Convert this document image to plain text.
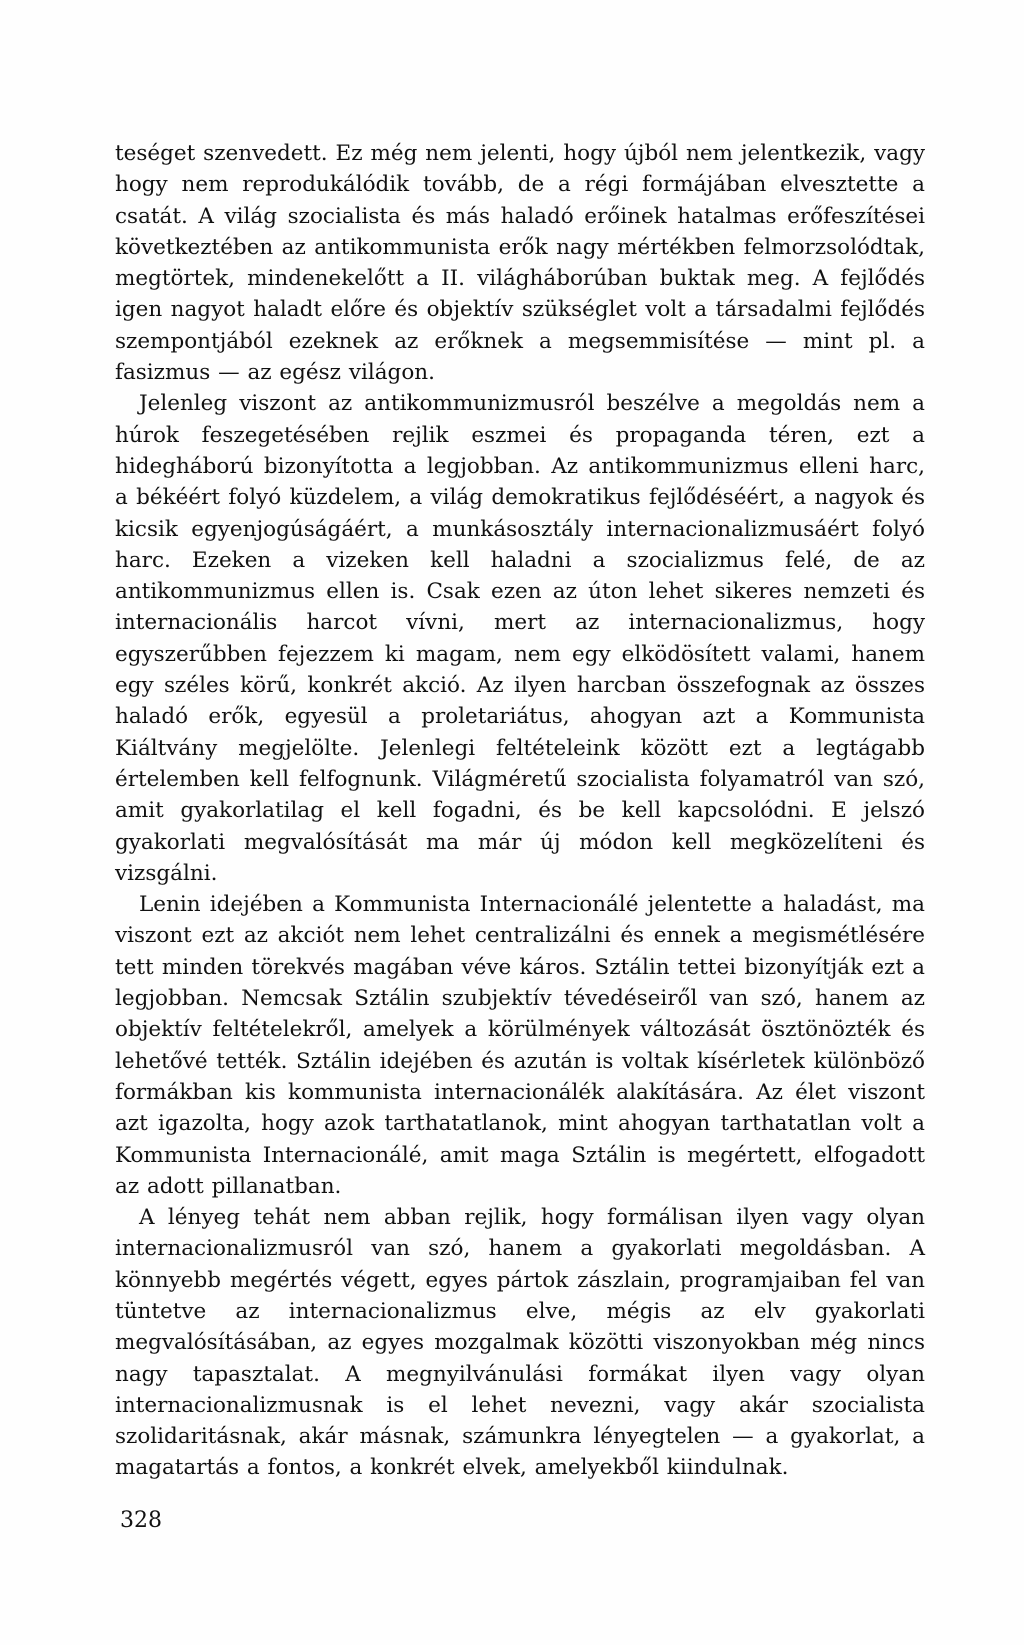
teséget szenvedett. Ez még nem jelenti, hogy újból nem jelentkezik, vagy hogy nem reprodukálódik tovább, de a régi formájában elvesztette a csatát. A világ szocialista és más haladó erőinek hatalmas erőfeszítései következtében az antikommunista erők nagy mértékben felmorzsolódtak, megtörtek, mindenekelőtt a II. világháborúban buktak meg. A fejlődés igen nagyot haladt előre és objektív szükséglet volt a társadalmi fejlődés szempontjából ezeknek az erőknek a megsemmisítése — mint pl. a fasizmus — az egész világon.

Jelenleg viszont az antikommunizmusról beszélve a megoldás nem a húrok feszegetésében rejlik eszmei és propaganda téren, ezt a hidegháború bizonyította a legjobban. Az antikommunizmus elleni harc, a békéért folyó küzdelem, a világ demokratikus fejlődéséért, a nagyok és kicsik egyenjogúságáért, a munkásosztály internacionalizmusáért folyó harc. Ezeken a vizeken kell haladni a szocializmus felé, de az antikommunizmus ellen is. Csak ezen az úton lehet sikeres nemzeti és internacionális harcot vívni, mert az internacionalizmus, hogy egyszerűbben fejezzem ki magam, nem egy elködösített valami, hanem egy széles körű, konkrét akció. Az ilyen harcban összefognak az összes haladó erők, egyesül a proletariátus, ahogyan azt a Kommunista Kiáltvány megjelölte. Jelenlegi feltételeink között ezt a legtágabb értelemben kell felfognunk. Világméretű szocialista folyamatról van szó, amit gyakorlatilag el kell fogadni, és be kell kapcsolódni. E jelszó gyakorlati megvalósítását ma már új módon kell megközelíteni és vizsgálni.

Lenin idejében a Kommunista Internacionálé jelentette a haladást, ma viszont ezt az akciót nem lehet centralizálni és ennek a megismétlésére tett minden törekvés magában véve káros. Sztálin tettei bizonyítják ezt a legjobban. Nemcsak Sztálin szubjektív tévedéseiről van szó, hanem az objektív feltételekről, amelyek a körülmények változását ösztönözték és lehetővé tették. Sztálin idejében és azután is voltak kísérletek különböző formákban kis kommunista internacionálék alakítására. Az élet viszont azt igazolta, hogy azok tarthatatlanok, mint ahogyan tarthatatlan volt a Kommunista Internacionálé, amit maga Sztálin is megértett, elfogadott az adott pillanatban.

A lényeg tehát nem abban rejlik, hogy formálisan ilyen vagy olyan internacionalizmusról van szó, hanem a gyakorlati megoldásban. A könnyebb megértés végett, egyes pártok zászlain, programjaiban fel van tüntetve az internacionalizmus elve, mégis az elv gyakorlati megvalósításában, az egyes mozgalmak közötti viszonyokban még nincs nagy tapasztalat. A megnyilvánulási formákat ilyen vagy olyan internacionalizmusnak is el lehet nevezni, vagy akár szocialista szolidaritásnak, akár másnak, számunkra lényegtelen — a gyakorlat, a magatartás a fontos, a konkrét elvek, amelyekből kiindulnak.

328
